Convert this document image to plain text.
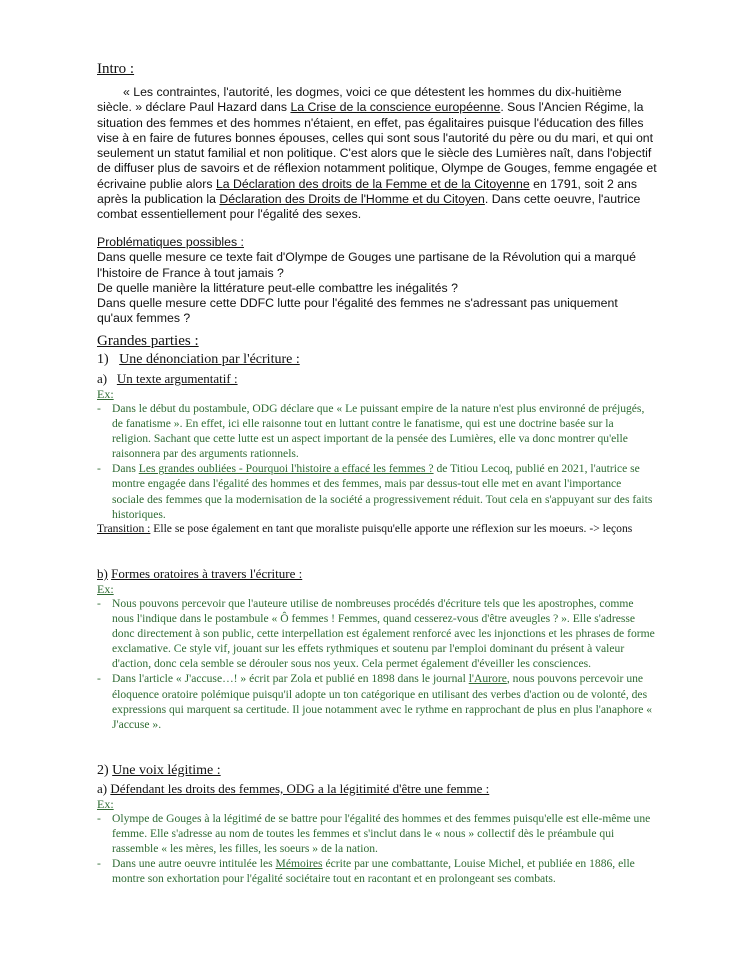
Intro :
« Les contraintes, l'autorité, les dogmes, voici ce que détestent les hommes du dix-huitième siècle. » déclare Paul Hazard dans La Crise de la conscience européenne. Sous l'Ancien Régime, la situation des femmes et des hommes n'étaient, en effet, pas égalitaires puisque l'éducation des filles vise à en faire de futures bonnes épouses, celles qui sont sous l'autorité du père ou du mari, et qui ont seulement un statut familial et non politique. C'est alors que le siècle des Lumières naît, dans l'objectif de diffuser plus de savoirs et de réflexion notamment politique, Olympe de Gouges, femme engagée et écrivaine publie alors La Déclaration des droits de la Femme et de la Citoyenne en 1791, soit 2 ans après la publication la Déclaration des Droits de l'Homme et du Citoyen. Dans cette oeuvre, l'autrice combat essentiellement pour l'égalité des sexes.
Problématiques possibles :
Dans quelle mesure ce texte fait d'Olympe de Gouges une partisane de la Révolution qui a marqué l'histoire de France à tout jamais ?
De quelle manière la littérature peut-elle combattre les inégalités ?
Dans quelle mesure cette DDFC lutte pour l'égalité des femmes ne s'adressant pas uniquement qu'aux femmes ?
Grandes parties :
1) Une dénonciation par l'écriture :
a) Un texte argumentatif :
Ex:
- Dans le début du postambule, ODG déclare que « Le puissant empire de la nature n'est plus environné de préjugés, de fanatisme ». En effet, ici elle raisonne tout en luttant contre le fanatisme, qui est une doctrine basée sur la religion. Sachant que cette lutte est un aspect important de la pensée des Lumières, elle va donc montrer qu'elle raisonnera par des arguments rationnels.
- Dans Les grandes oubliées - Pourquoi l'histoire a effacé les femmes ? de Titiou Lecoq, publié en 2021, l'autrice se montre engagée dans l'égalité des hommes et des femmes, mais par dessus-tout elle met en avant l'importance sociale des femmes que la modernisation de la société a progressivement réduit. Tout cela en s'appuyant sur des faits historiques.
Transition : Elle se pose également en tant que moraliste puisqu'elle apporte une réflexion sur les moeurs. -> leçons
b) Formes oratoires à travers l'écriture :
Ex:
- Nous pouvons percevoir que l'auteure utilise de nombreuses procédés d'écriture tels que les apostrophes, comme nous l'indique dans le postambule « Ô femmes ! Femmes, quand cesserez-vous d'être aveugles ? ». Elle s'adresse donc directement à son public, cette interpellation est également renforcé avec les injonctions et les phrases de forme exclamative. Ce style vif, jouant sur les effets rythmiques et soutenu par l'emploi dominant du présent à valeur d'action, donc cela semble se dérouler sous nos yeux. Cela permet également d'éveiller les consciences.
- Dans l'article « J'accuse…! » écrit par Zola et publié en 1898 dans le journal l'Aurore, nous pouvons percevoir une éloquence oratoire polémique puisqu'il adopte un ton catégorique en utilisant des verbes d'action ou de volonté, des expressions qui marquent sa certitude. Il joue notamment avec le rythme en rapprochant de plus en plus l'anaphore « J'accuse ».
2) Une voix légitime :
a) Défendant les droits des femmes, ODG a la légitimité d'être une femme :
Ex:
- Olympe de Gouges à la légitimé de se battre pour l'égalité des hommes et des femmes puisqu'elle est elle-même une femme. Elle s'adresse au nom de toutes les femmes et s'inclut dans le « nous » collectif dès le préambule qui rassemble « les mères, les filles, les soeurs » de la nation.
- Dans une autre oeuvre intitulée les Mémoires écrite par une combattante, Louise Michel, et publiée en 1886, elle montre son exhortation pour l'égalité sociétaire tout en racontant et en prolongeant ses combats.
